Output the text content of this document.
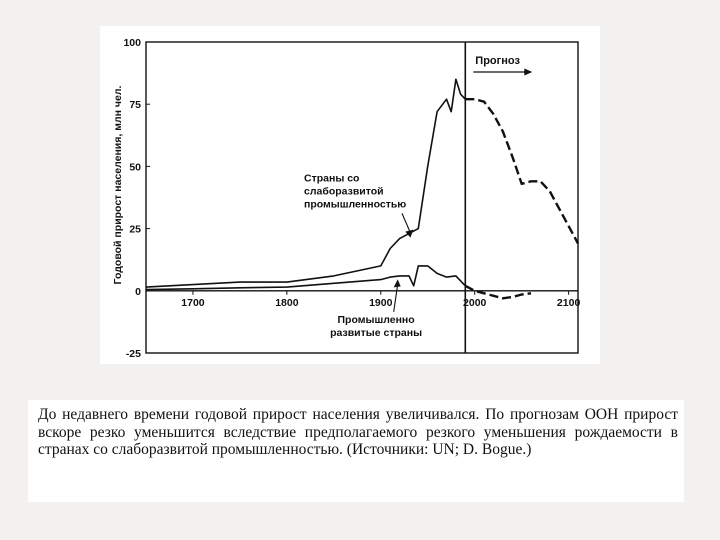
Годовой прирост населения, млн чел.
100
75
50
25
0
-25
1700	1800	1900	2000	2100
Прогноз
Страны со
слаборазвитой
промышленностью
Промышленно
развитые страны
До недавнего времени годовой прирост населения увеличивался. По прогнозам ООН прирост вскоре резко уменьшится вследствие предполагаемого резкого уменьшения рождаемости в странах со слаборазвитой промышленностью. (Источники: UN; D. Bogue.)
